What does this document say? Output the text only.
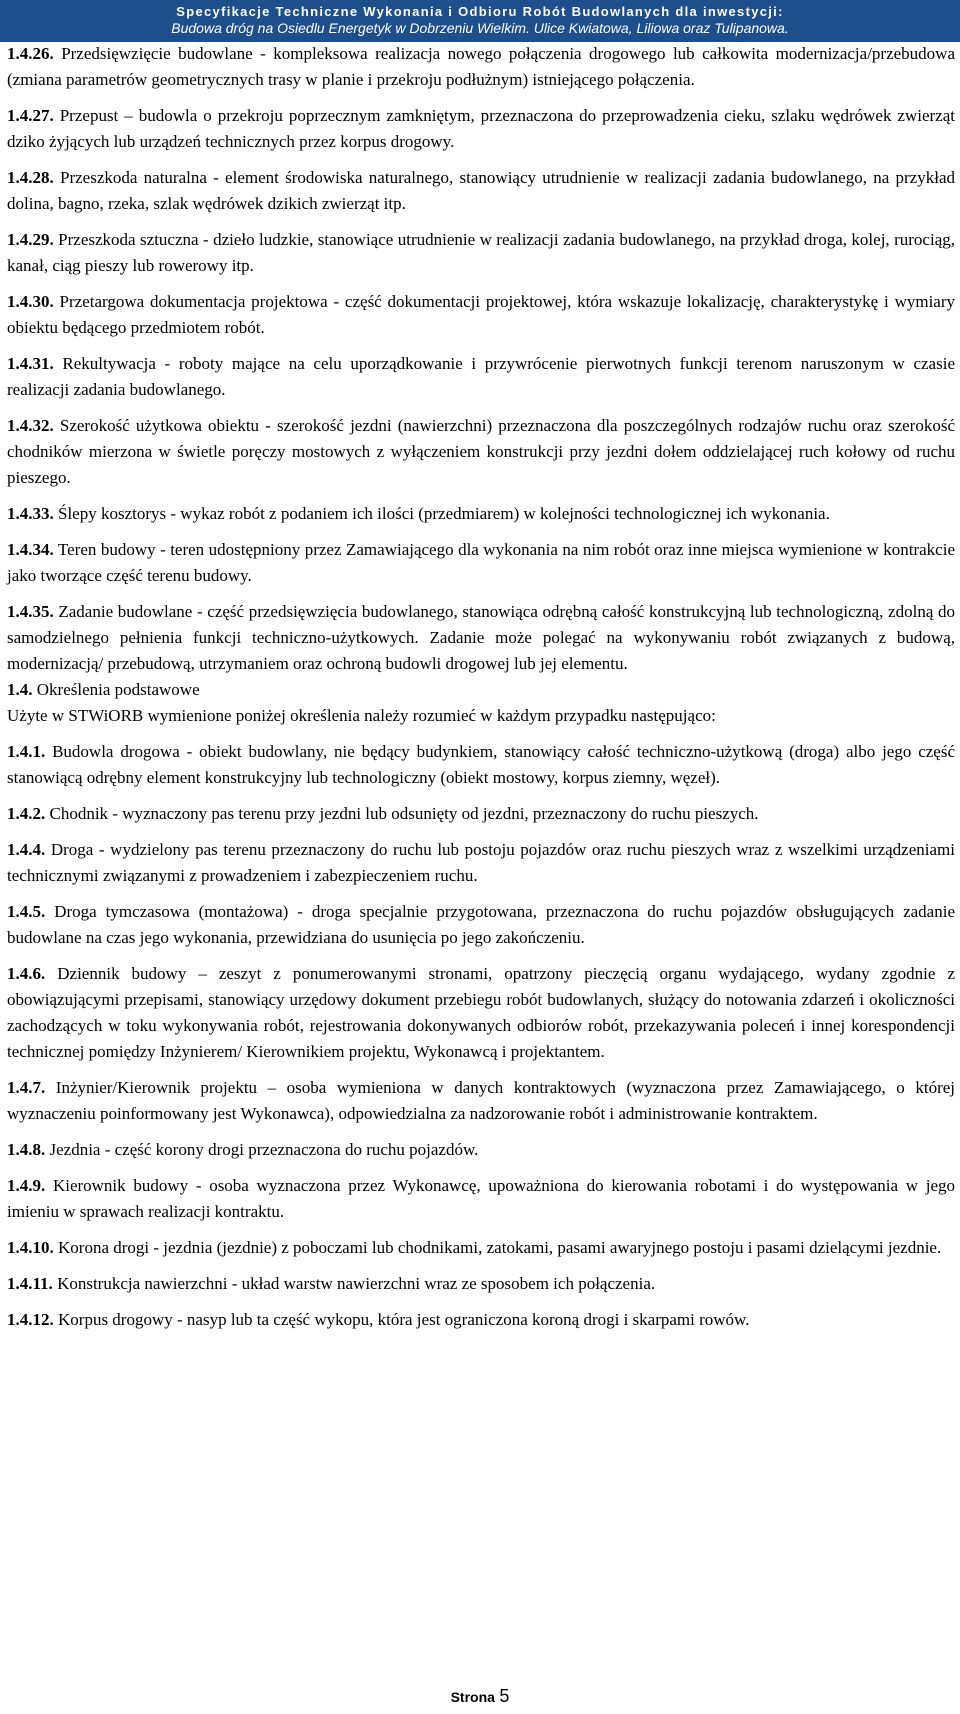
Specyfikacje Techniczne Wykonania i Odbioru Robót Budowlanych dla inwestycji:
Budowa dróg na Osiedlu Energetyk w Dobrzeniu Wielkim. Ulice Kwiatowa, Liliowa oraz Tulipanowa.

1.4.26. Przedsięwzięcie budowlane - kompleksowa realizacja nowego połączenia drogowego lub całkowita modernizacja/przebudowa (zmiana parametrów geometrycznych trasy w planie i przekroju podłużnym) istniejącego połączenia.

1.4.27. Przepust – budowla o przekroju poprzecznym zamkniętym, przeznaczona do przeprowadzenia cieku, szlaku wędrówek zwierząt dziko żyjących lub urządzeń technicznych przez korpus drogowy.

1.4.28. Przeszkoda naturalna - element środowiska naturalnego, stanowiący utrudnienie w realizacji zadania budowlanego, na przykład dolina, bagno, rzeka, szlak wędrówek dzikich zwierząt itp.

1.4.29. Przeszkoda sztuczna - dzieło ludzkie, stanowiące utrudnienie w realizacji zadania budowlanego, na przykład droga, kolej, rurociąg, kanał, ciąg pieszy lub rowerowy itp.

1.4.30. Przetargowa dokumentacja projektowa - część dokumentacji projektowej, która wskazuje lokalizację, charakterystykę i wymiary obiektu będącego przedmiotem robót.

1.4.31. Rekultywacja - roboty mające na celu uporządkowanie i przywrócenie pierwotnych funkcji terenom naruszonym w czasie realizacji zadania budowlanego.

1.4.32. Szerokość użytkowa obiektu - szerokość jezdni (nawierzchni) przeznaczona dla poszczególnych rodzajów ruchu oraz szerokość chodników mierzona w świetle poręczy mostowych z wyłączeniem konstrukcji przy jezdni dołem oddzielającej ruch kołowy od ruchu pieszego.

1.4.33. Ślepy kosztorys - wykaz robót z podaniem ich ilości (przedmiarem) w kolejności technologicznej ich wykonania.

1.4.34. Teren budowy - teren udostępniony przez Zamawiającego dla wykonania na nim robót oraz inne miejsca wymienione w kontrakcie jako tworzące część terenu budowy.

1.4.35. Zadanie budowlane - część przedsięwzięcia budowlanego, stanowiąca odrębną całość konstrukcyjną lub technologiczną, zdolną do samodzielnego pełnienia funkcji techniczno-użytkowych. Zadanie może polegać na wykonywaniu robót związanych z budową, modernizacją/ przebudową, utrzymaniem oraz ochroną budowli drogowej lub jej elementu.

1.4. Określenia podstawowe

Użyte w STWiORB wymienione poniżej określenia należy rozumieć w każdym przypadku następująco:

1.4.1. Budowla drogowa - obiekt budowlany, nie będący budynkiem, stanowiący całość techniczno-użytkową (droga) albo jego część stanowiącą odrębny element konstrukcyjny lub technologiczny (obiekt mostowy, korpus ziemny, węzeł).

1.4.2. Chodnik - wyznaczony pas terenu przy jezdni lub odsunięty od jezdni, przeznaczony do ruchu pieszych.

1.4.4. Droga - wydzielony pas terenu przeznaczony do ruchu lub postoju pojazdów oraz ruchu pieszych wraz z wszelkimi urządzeniami technicznymi związanymi z prowadzeniem i zabezpieczeniem ruchu.

1.4.5. Droga tymczasowa (montażowa) - droga specjalnie przygotowana, przeznaczona do ruchu pojazdów obsługujących zadanie budowlane na czas jego wykonania, przewidziana do usunięcia po jego zakończeniu.

1.4.6. Dziennik budowy – zeszyt z ponumerowanymi stronami, opatrzony pieczęcią organu wydającego, wydany zgodnie z obowiązującymi przepisami, stanowiący urzędowy dokument przebiegu robót budowlanych, służący do notowania zdarzeń i okoliczności zachodzących w toku wykonywania robót, rejestrowania dokonywanych odbiorów robót, przekazywania poleceń i innej korespondencji technicznej pomiędzy Inżynierem/ Kierownikiem projektu, Wykonawcą i projektantem.

1.4.7. Inżynier/Kierownik projektu – osoba wymieniona w danych kontraktowych (wyznaczona przez Zamawiającego, o której wyznaczeniu poinformowany jest Wykonawca), odpowiedzialna za nadzorowanie robót i administrowanie kontraktem.

1.4.8. Jezdnia - część korony drogi przeznaczona do ruchu pojazdów.

1.4.9. Kierownik budowy - osoba wyznaczona przez Wykonawcę, upoważniona do kierowania robotami i do występowania w jego imieniu w sprawach realizacji kontraktu.

1.4.10. Korona drogi - jezdnia (jezdnie) z poboczami lub chodnikami, zatokami, pasami awaryjnego postoju i pasami dzielącymi jezdnie.

1.4.11. Konstrukcja nawierzchni - układ warstw nawierzchni wraz ze sposobem ich połączenia.

1.4.12. Korpus drogowy - nasyp lub ta część wykopu, która jest ograniczona koroną drogi i skarpami rowów.

Strona 5
